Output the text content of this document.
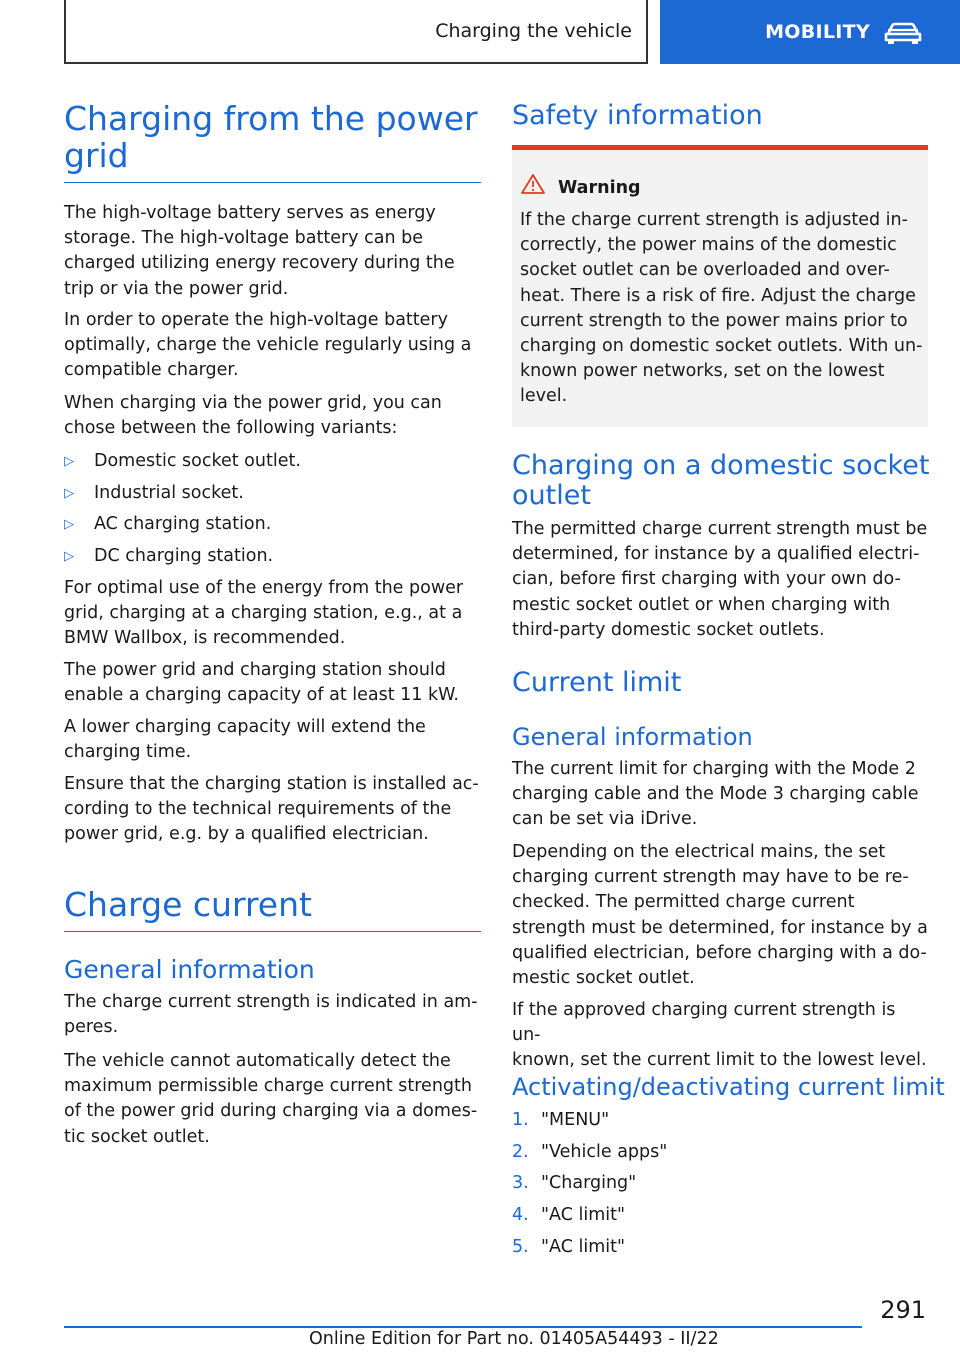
Charging the vehicle	MOBILITY
Charging from the power
grid

The high-voltage battery serves as energy
storage. The high-voltage battery can be
charged utilizing energy recovery during the
trip or via the power grid.

In order to operate the high-voltage battery
optimally, charge the vehicle regularly using a
compatible charger.

When charging via the power grid, you can
chose between the following variants:

▷ Domestic socket outlet.
▷ Industrial socket.
▷ AC charging station.
▷ DC charging station.

For optimal use of the energy from the power
grid, charging at a charging station, e.g., at a
BMW Wallbox, is recommended.

The power grid and charging station should
enable a charging capacity of at least 11 kW.

A lower charging capacity will extend the
charging time.

Ensure that the charging station is installed ac-
cording to the technical requirements of the
power grid, e.g. by a qualified electrician.

Charge current
General information

The charge current strength is indicated in am-
peres.

The vehicle cannot automatically detect the
maximum permissible charge current strength
of the power grid during charging via a domes-
tic socket outlet.

Safety information
Warning

If the charge current strength is adjusted in-
correctly, the power mains of the domestic
socket outlet can be overloaded and over-
heat. There is a risk of fire. Adjust the charge
current strength to the power mains prior to
charging on domestic socket outlets. With un-
known power networks, set on the lowest
level.

Charging on a domestic socket
outlet

The permitted charge current strength must be
determined, for instance by a qualified electri-
cian, before first charging with your own do-
mestic socket outlet or when charging with
third-party domestic socket outlets.

Current limit
General information

The current limit for charging with the Mode 2
charging cable and the Mode 3 charging cable
can be set via iDrive.

Depending on the electrical mains, the set
charging current strength may have to be re-
checked. The permitted charge current
strength must be determined, for instance by a
qualified electrician, before charging with a do-
mestic socket outlet.

If the approved charging current strength is un-
known, set the current limit to the lowest level.

Activating/deactivating current limit
1. "MENU"
2. "Vehicle apps"
3. "Charging"
4. "AC limit"
5. "AC limit"
291
Online Edition for Part no. 01405A54493 - II/22
